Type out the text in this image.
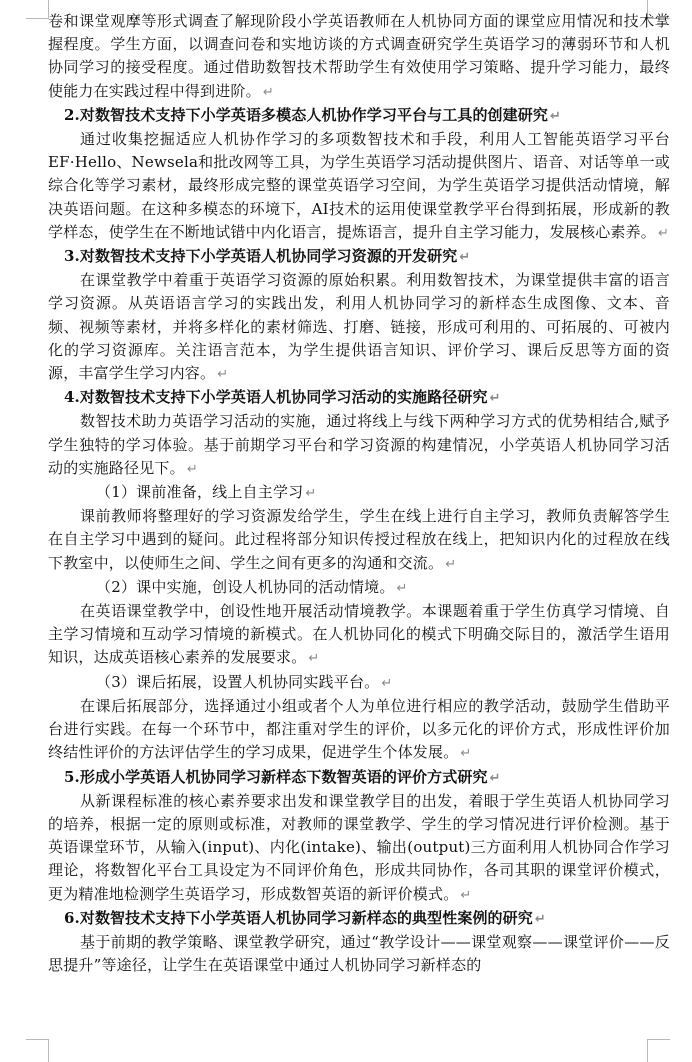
卷和课堂观摩等形式调查了解现阶段小学英语教师在人机协同方面的课堂应用情况和技术掌握程度。学生方面，以调查问卷和实地访谈的方式调查研究学生英语学习的薄弱环节和人机协同学习的接受程度。通过借助数智技术帮助学生有效使用学习策略、提升学习能力，最终使能力在实践过程中得到进阶。 ↵

2.对数智技术支持下小学英语多模态人机协作学习平台与工具的创建研究 ↵

通过收集挖掘适应人机协作学习的多项数智技术和手段，利用人工智能英语学习平台EF·Hello、Newsela和批改网等工具，为学生英语学习活动提供图片、语音、对话等单一或综合化等学习素材，最终形成完整的课堂英语学习空间，为学生英语学习提供活动情境，解决英语问题。在这种多模态的环境下，AI技术的运用使课堂教学平台得到拓展，形成新的教学样态，使学生在不断地试错中内化语言，提炼语言，提升自主学习能力，发展核心素养。 ↵

3.对数智技术支持下小学英语人机协同学习资源的开发研究 ↵

在课堂教学中着重于英语学习资源的原始积累。利用数智技术，为课堂提供丰富的语言学习资源。从英语语言学习的实践出发，利用人机协同学习的新样态生成图像、文本、音频、视频等素材，并将多样化的素材筛选、打磨、链接，形成可利用的、可拓展的、可被内化的学习资源库。关注语言范本，为学生提供语言知识、评价学习、课后反思等方面的资源，丰富学生学习内容。 ↵

4.对数智技术支持下小学英语人机协同学习活动的实施路径研究 ↵

数智技术助力英语学习活动的实施，通过将线上与线下两种学习方式的优势相结合,赋予学生独特的学习体验。基于前期学习平台和学习资源的构建情况，小学英语人机协同学习活动的实施路径见下。 ↵

（1）课前准备，线上自主学习 ↵

课前教师将整理好的学习资源发给学生，学生在线上进行自主学习，教师负责解答学生在自主学习中遇到的疑问。此过程将部分知识传授过程放在线上，把知识内化的过程放在线下教室中，以使师生之间、学生之间有更多的沟通和交流。 ↵

（2）课中实施，创设人机协同的活动情境。 ↵

在英语课堂教学中，创设性地开展活动情境教学。本课题着重于学生仿真学习情境、自主学习情境和互动学习情境的新模式。在人机协同化的模式下明确交际目的，激活学生语用知识，达成英语核心素养的发展要求。 ↵

（3）课后拓展，设置人机协同实践平台。 ↵

在课后拓展部分，选择通过小组或者个人为单位进行相应的教学活动，鼓励学生借助平台进行实践。在每一个环节中，都注重对学生的评价，以多元化的评价方式，形成性评价加终结性评价的方法评估学生的学习成果，促进学生个体发展。 ↵

5.形成小学英语人机协同学习新样态下数智英语的评价方式研究 ↵

从新课程标准的核心素养要求出发和课堂教学目的出发，着眼于学生英语人机协同学习的培养，根据一定的原则或标准，对教师的课堂教学、学生的学习情况进行评价检测。基于英语课堂环节，从输入(input)、内化(intake)、输出(output)三方面利用人机协同合作学习理论，将数智化平台工具设定为不同评价角色，形成共同协作，各司其职的课堂评价模式，更为精准地检测学生英语学习，形成数智英语的新评价模式。 ↵

6.对数智技术支持下小学英语人机协同学习新样态的典型性案例的研究 ↵

基于前期的教学策略、课堂教学研究，通过“教学设计——课堂观察——课堂评价——反思提升”等途径，让学生在英语课堂中通过人机协同学习新样态的
